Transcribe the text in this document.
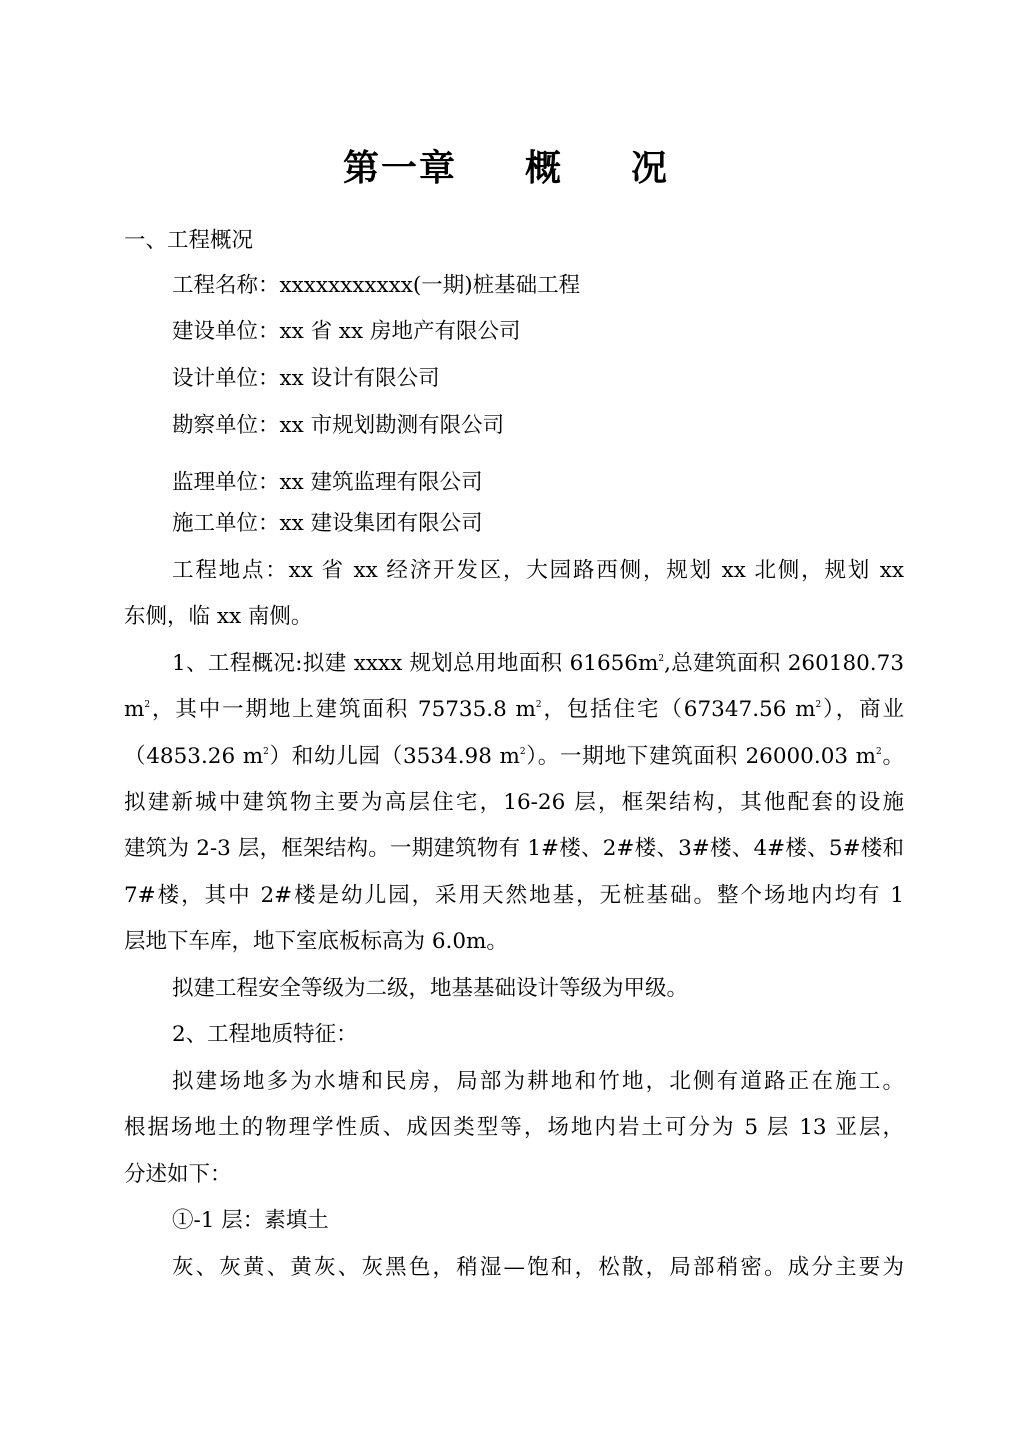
第一章 概 况
一、工程概况
工程名称：xxxxxxxxxxx(一期)桩基础工程
建设单位：xx 省 xx 房地产有限公司
设计单位：xx 设计有限公司
勘察单位：xx 市规划勘测有限公司
监理单位：xx 建筑监理有限公司
施工单位：xx 建设集团有限公司
工程地点：xx 省 xx 经济开发区，大园路西侧，规划 xx 北侧，规划 xx
东侧，临 xx 南侧。
1、工程概况:拟建 xxxx 规划总用地面积 $61656m^2$,总建筑面积 260180.73
$m^2$，其中一期地上建筑面积 75735.8 $m^2$，包括住宅（67347.56 $m^2$），商业
（4853.26 $m^2$）和幼儿园（3534.98 $m^2$）。一期地下建筑面积 26000.03 $m^2$。
拟建新城中建筑物主要为高层住宅，16-26 层，框架结构，其他配套的设施
建筑为 2-3 层，框架结构。一期建筑物有 1#楼、2#楼、3#楼、4#楼、5#楼和
7#楼，其中 2#楼是幼儿园，采用天然地基，无桩基础。整个场地内均有 1
层地下车库，地下室底板标高为 6.0m。
拟建工程安全等级为二级，地基基础设计等级为甲级。
2、工程地质特征：
拟建场地多为水塘和民房，局部为耕地和竹地，北侧有道路正在施工。
根据场地土的物理学性质、成因类型等，场地内岩土可分为 5 层 13 亚层，
分述如下：
①-1 层：素填土
灰、灰黄、黄灰、灰黑色，稍湿—饱和，松散，局部稍密。成分主要为
